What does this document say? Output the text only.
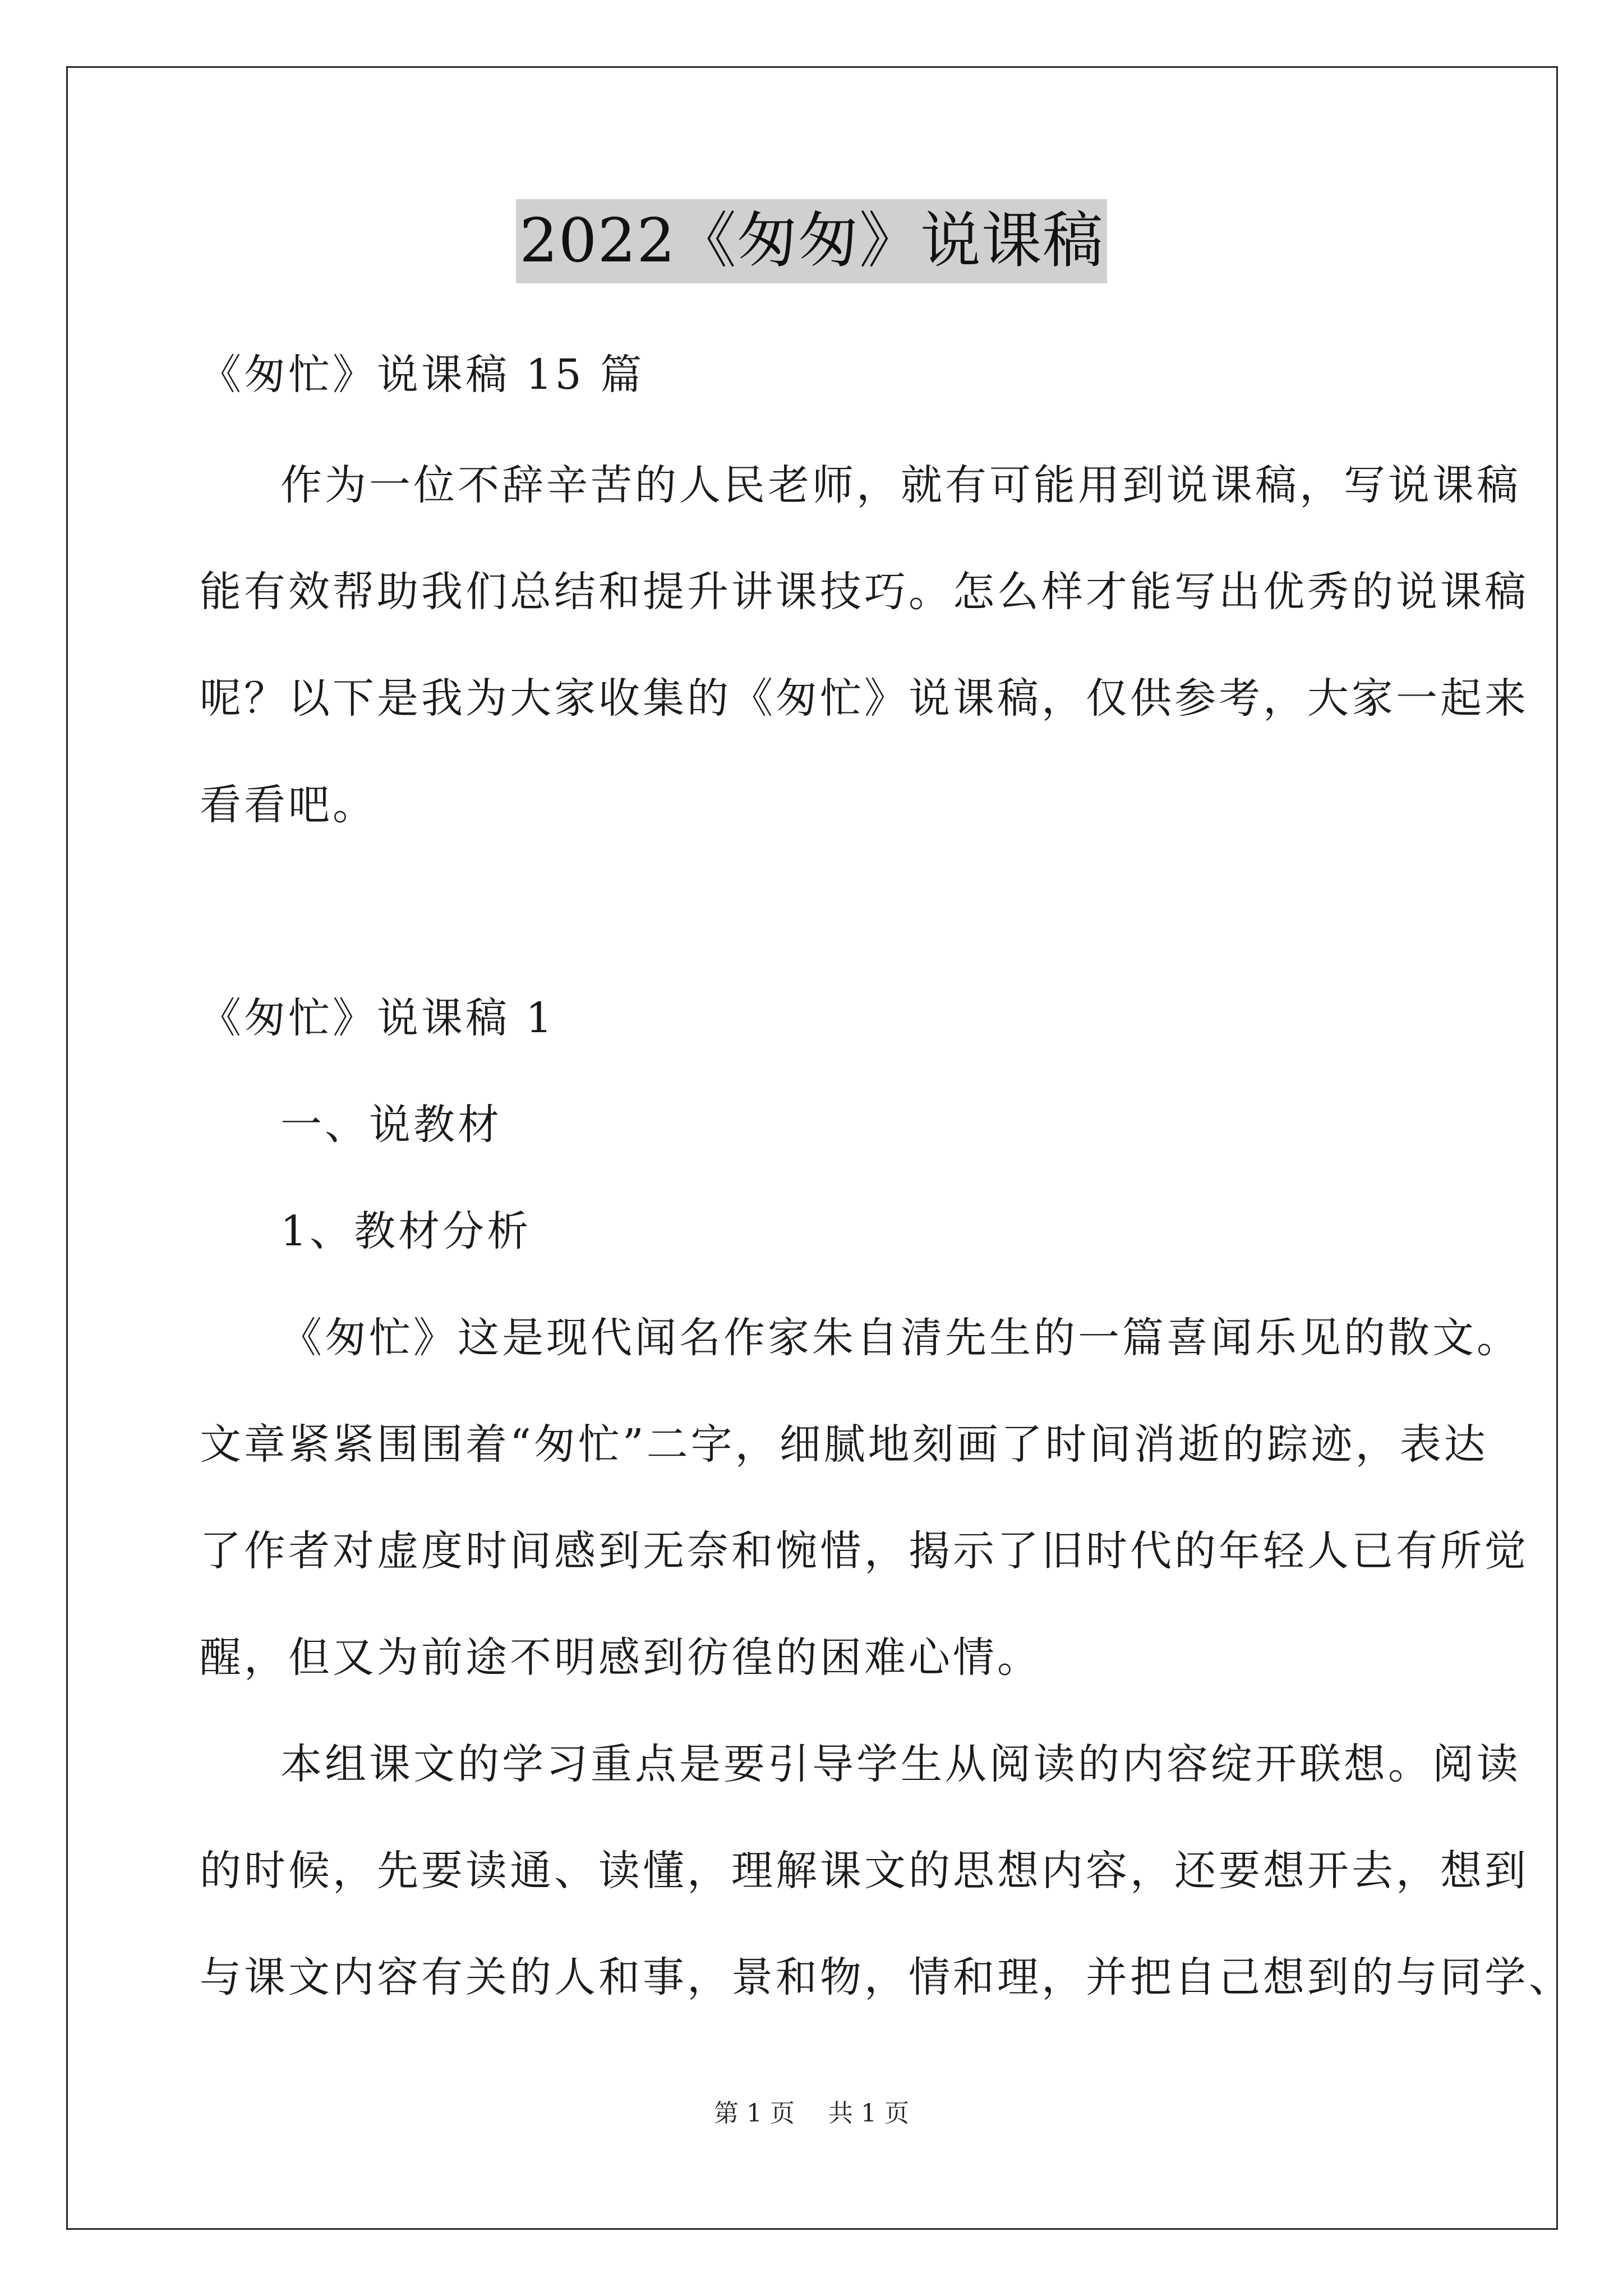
2022《匆匆》说课稿
《匆忙》说课稿 15 篇
作为一位不辞辛苦的人民老师，就有可能用到说课稿，写说课稿
能有效帮助我们总结和提升讲课技巧。怎么样才能写出优秀的说课稿
呢？以下是我为大家收集的《匆忙》说课稿，仅供参考，大家一起来
看看吧。
《匆忙》说课稿 1
一、说教材
1、教材分析
《匆忙》这是现代闻名作家朱自清先生的一篇喜闻乐见的散文。
文章紧紧围围着“匆忙”二字，细腻地刻画了时间消逝的踪迹，表达
了作者对虚度时间感到无奈和惋惜，揭示了旧时代的年轻人已有所觉
醒，但又为前途不明感到彷徨的困难心情。
本组课文的学习重点是要引导学生从阅读的内容绽开联想。阅读
的时候，先要读通、读懂，理解课文的思想内容，还要想开去，想到
与课文内容有关的人和事，景和物，情和理，并把自己想到的与同学、
第 1 页 共 1 页
